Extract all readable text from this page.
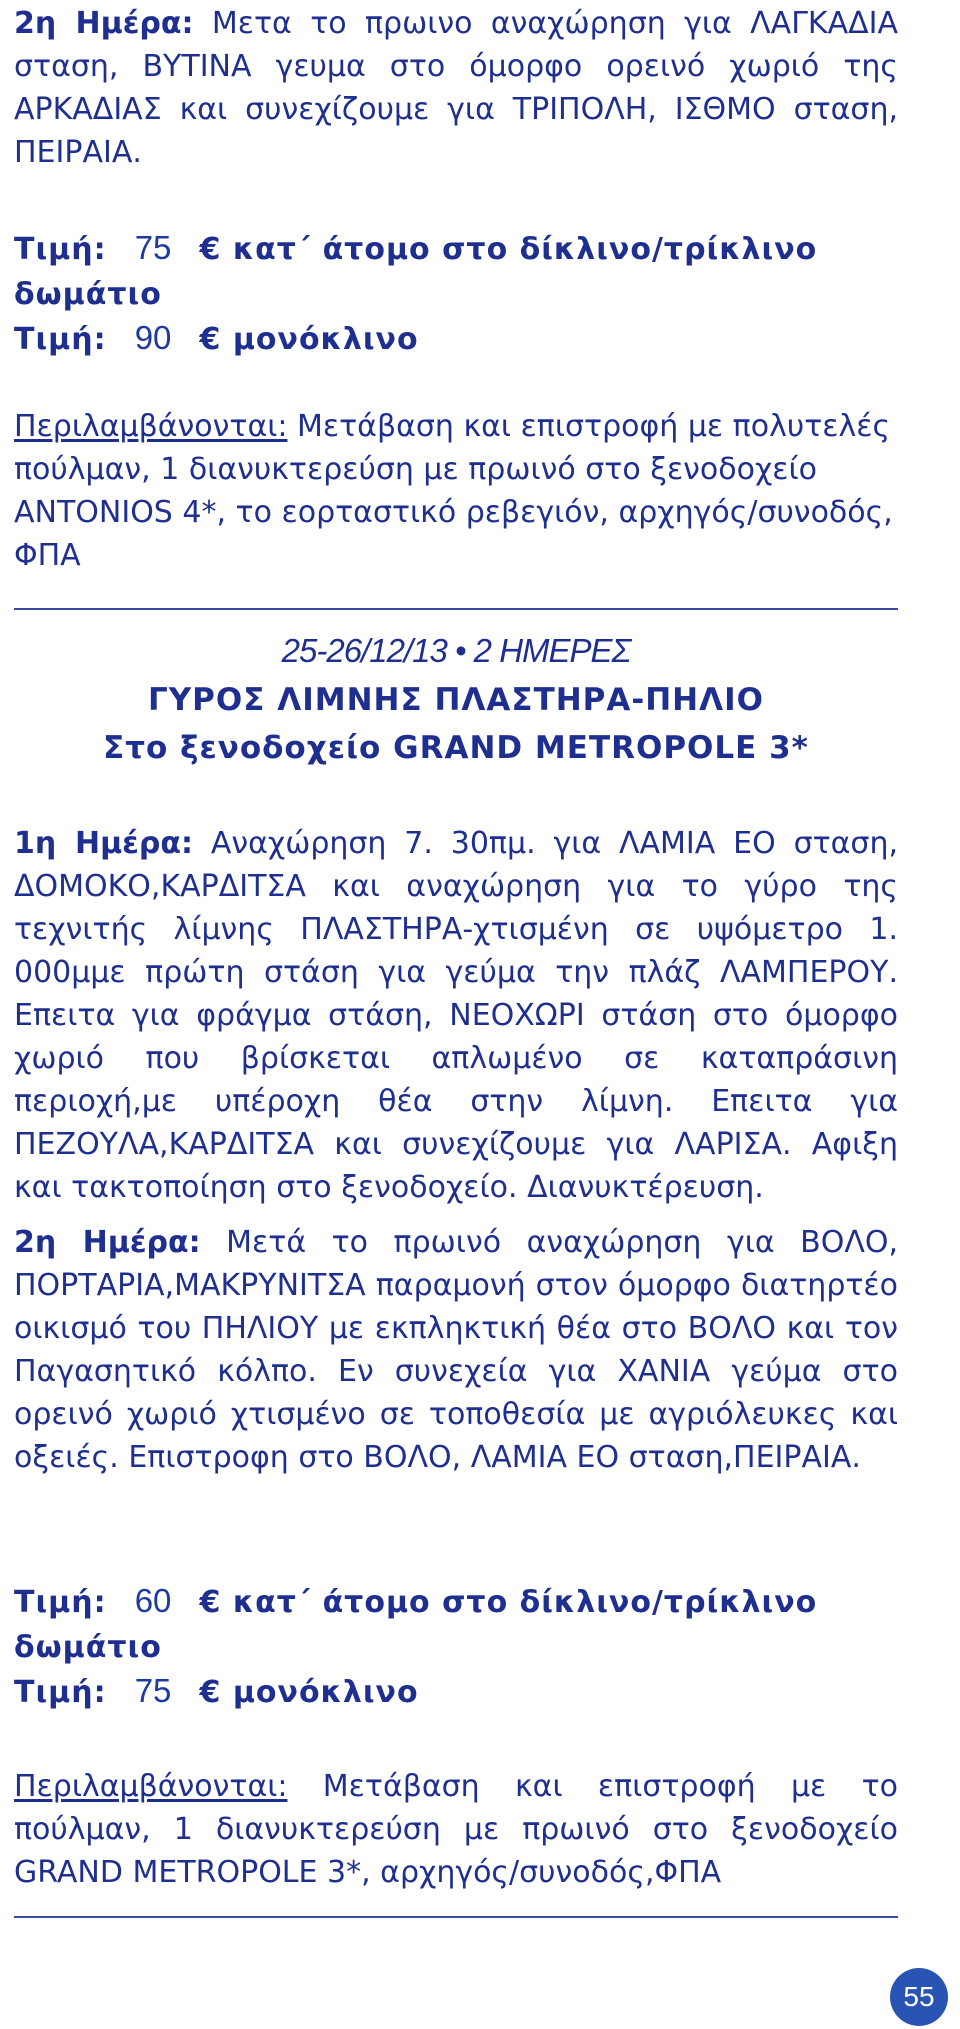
2η Ημέρα: Μετα το πρωινο αναχώρηση για ΛΑΓΚΑΔΙΑ σταση, ΒΥΤΙΝΑ γευμα στο όμορφο ορεινό χωριό της ΑΡΚΑΔΙΑΣ και συνεχίζουμε για ΤΡΙΠΟΛΗ, ΙΣΘΜΟ σταση, ΠΕΙΡΑΙΑ.

Τιμή: 75 € κατ΄ άτομο στο δίκλινο/τρίκλινο δωμάτιο

Τιμή: 90 € μονόκλινο

Περιλαμβάνονται: Μετάβαση και επιστροφή με πολυτελές πούλμαν, 1 διανυκτερεύση με πρωινό στο ξενοδοχείο ANTONIOS 4*, το εορταστικό ρεβεγιόν, αρχηγός/συνοδός, ΦΠΑ

25-26/12/13 • 2 ΗΜΕΡΕΣ

ΓΥΡΟΣ ΛΙΜΝΗΣ ΠΛΑΣΤΗΡΑ-ΠΗΛΙΟ

Στο ξενοδοχείο GRAND METROPOLE 3*

1η Ημέρα: Αναχώρηση 7. 30πμ. για ΛΑΜΙΑ ΕΟ σταση, ΔΟΜΟΚΟ,ΚΑΡΔΙΤΣΑ και αναχώρηση για το γύρο της τεχνιτής λίμνης ΠΛΑΣΤΗΡΑ-χτισμένη σε υψόμετρο 1. 000μμε πρώτη στάση για γεύμα την πλάζ ΛΑΜΠΕΡΟΥ. Επειτα για φράγμα στάση, ΝΕΟΧΩΡΙ στάση στο όμορφο χωριό που βρίσκεται απλωμένο σε καταπράσινη περιοχή,με υπέροχη θέα στην λίμνη. Επειτα για ΠΕΖΟΥΛΑ,ΚΑΡΔΙΤΣΑ και συνεχίζουμε για ΛΑΡΙΣΑ. Αφιξη και τακτοποίηση στο ξενοδοχείο. Διανυκτέρευση.

2η Ημέρα: Μετά το πρωινό αναχώρηση για ΒΟΛΟ, ΠΟΡΤΑΡΙΑ,ΜΑΚΡΥΝΙΤΣΑ παραμονή στον όμορφο διατηρτέο οικισμό του ΠΗΛΙΟΥ με εκπληκτική θέα στο ΒΟΛΟ και τον Παγασητικό κόλπο. Εν συνεχεία για ΧΑΝΙΑ γεύμα στο ορεινό χωριό χτισμένο σε τοποθεσία με αγριόλευκες και οξειές. Επιστροφη στο ΒΟΛΟ, ΛΑΜΙΑ ΕΟ σταση,ΠΕΙΡΑΙΑ.

Τιμή: 60 € κατ΄ άτομο στο δίκλινο/τρίκλινο δωμάτιο

Τιμή: 75 € μονόκλινο

Περιλαμβάνονται: Μετάβαση και επιστροφή με το πούλμαν, 1 διανυκτερεύση με πρωινό στο ξενοδοχείο GRAND METROPOLE 3*, αρχηγός/συνοδός,ΦΠΑ

55
